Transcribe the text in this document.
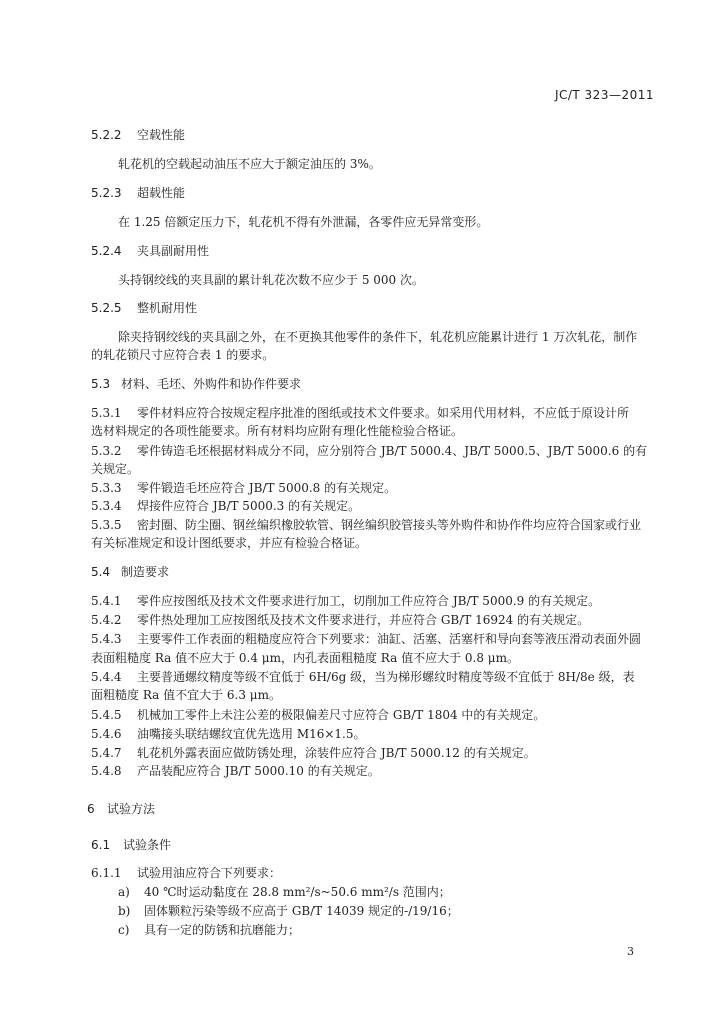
JC/T 323—2011
5.2.2 空载性能
轧花机的空载起动油压不应大于额定油压的 3%。
5.2.3 超载性能
在 1.25 倍额定压力下，轧花机不得有外泄漏，各零件应无异常变形。
5.2.4 夹具副耐用性
头持钢绞线的夹具副的累计轧花次数不应少于 5 000 次。
5.2.5 整机耐用性
除夹持钢绞线的夹具副之外，在不更换其他零件的条件下，轧花机应能累计进行 1 万次轧花，制作
的轧花锁尺寸应符合表 1 的要求。
5.3 材料、毛坯、外购件和协作件要求
5.3.1 零件材料应符合按规定程序批准的图纸或技术文件要求。如采用代用材料，不应低于原设计所
选材料规定的各项性能要求。所有材料均应附有理化性能检验合格证。
5.3.2 零件铸造毛坯根据材料成分不同，应分别符合 JB/T 5000.4、JB/T 5000.5、JB/T 5000.6 的有
关规定。
5.3.3 零件锻造毛坯应符合 JB/T 5000.8 的有关规定。
5.3.4 焊接件应符合 JB/T 5000.3 的有关规定。
5.3.5 密封圈、防尘圈、钢丝编织橡胶软管、钢丝编织胶管接头等外购件和协作件均应符合国家或行业
有关标准规定和设计图纸要求，并应有检验合格证。
5.4 制造要求
5.4.1 零件应按图纸及技术文件要求进行加工，切削加工件应符合 JB/T 5000.9 的有关规定。
5.4.2 零件热处理加工应按图纸及技术文件要求进行，并应符合 GB/T 16924 的有关规定。
5.4.3 主要零件工作表面的粗糙度应符合下列要求：油缸、活塞、活塞杆和导向套等液压滑动表面外圆
表面粗糙度 Ra 值不应大于 0.4 μm，内孔表面粗糙度 Ra 值不应大于 0.8 μm。
5.4.4 主要普通螺纹精度等级不宜低于 6H/6g 级，当为梯形螺纹时精度等级不宜低于 8H/8e 级，表
面粗糙度 Ra 值不宜大于 6.3 μm。
5.4.5 机械加工零件上未注公差的极限偏差尺寸应符合 GB/T 1804 中的有关规定。
5.4.6 油嘴接头联结螺纹宜优先选用 M16×1.5。
5.4.7 轧花机外露表面应做防锈处理，涂装件应符合 JB/T 5000.12 的有关规定。
5.4.8 产品装配应符合 JB/T 5000.10 的有关规定。
6 试验方法
6.1 试验条件
6.1.1 试验用油应符合下列要求：
a) 40 ℃时运动黏度在 28.8 mm²/s~50.6 mm²/s 范围内；
b) 固体颗粒污染等级不应高于 GB/T 14039 规定的-/19/16；
c) 具有一定的防锈和抗磨能力；
3
